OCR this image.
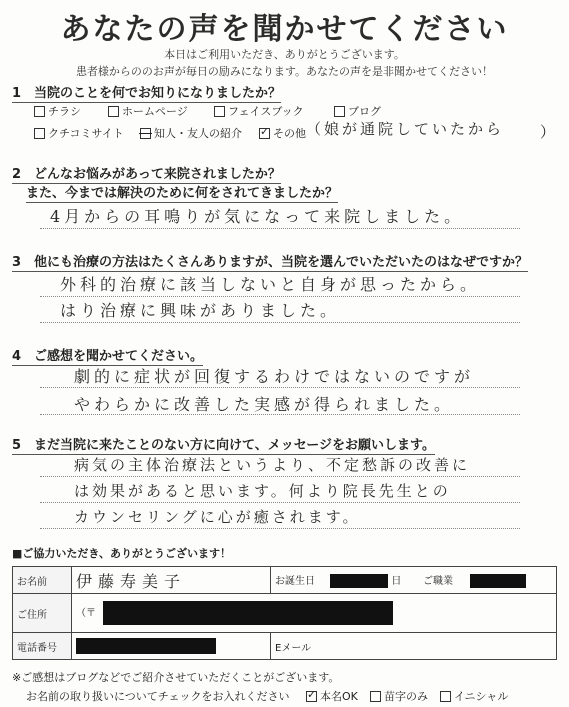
あなたの声を聞かせてください
本日はご利用いただき、ありがとうございます。
患者様からののお声が毎日の励みになります。あなたの声を是非聞かせてください！
1　当院のことを何でお知りになりましたか？
チラシ	ホームページ	フェイスブック	ブログ
クチコミサイト	知人・友人の紹介 ✓	その他 （娘が通院していたから ）
2　どんなお悩みがあって来院されましたか？
また、今までは解決のために何をされてきましたか？
4月からの耳鳴りが気になって来院しました。
3　他にも治療の方法はたくさんありますが、当院を選んでいただいたのはなぜですか？
外科的治療に該当しないと自身が思ったから。
はり治療に興味がありました。
4　ご感想を聞かせてください。
劇的に症状が回復するわけではないのですが
やわらかに改善した実感が得られました。
5　まだ当院に来たことのない方に向けて、メッセージをお願いします。
病気の主体治療法というより、不定愁訴の改善に
は効果があると思います。何より院長先生との
カウンセリングに心が癒されます。
■ご協力いただき、ありがとうございます！
お名前	伊藤寿美子	お誕生日 日	ご職業
ご住所	（〒		
電話番号		Eメール	
※ご感想はブログなどでご紹介させていただくことがございます。
お名前の取り扱いについてチェックをお入れください ✓	本名OK 苗字のみ イニシャル
